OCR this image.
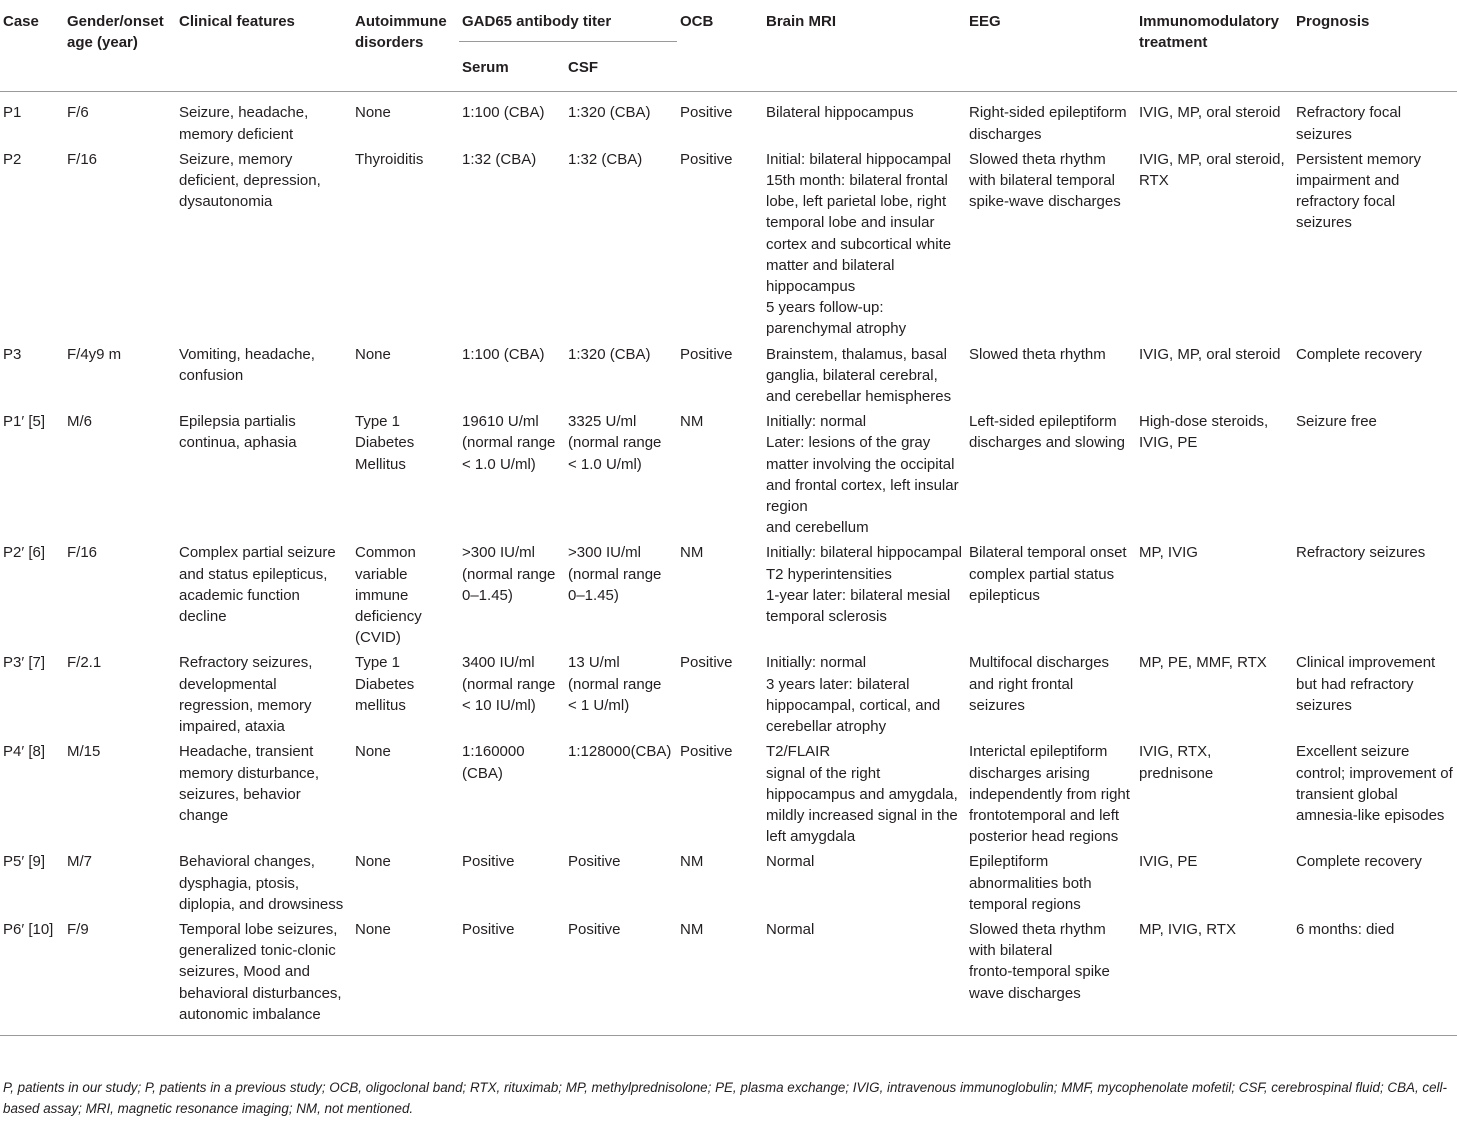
Case	Gender/onset age (year)	Clinical features	Autoimmune disorders	GAD65 antibody titer		OCB	Brain MRI	EEG	Immunomodulatory treatment	Prognosis
				Serum	CSF					
P1	F/6	Seizure, headache, memory deficient	None	1:100 (CBA)	1:320 (CBA)	Positive	Bilateral hippocampus	Right-sided epileptiform discharges	IVIG, MP, oral steroid	Refractory focal seizures
P2	F/16	Seizure, memory deficient, depression, dysautonomia	Thyroiditis	1:32 (CBA)	1:32 (CBA)	Positive	Initial: bilateral hippocampal
15th month: bilateral frontal lobe, left parietal lobe, right temporal lobe and insular cortex and subcortical white matter and bilateral hippocampus
5 years follow-up: parenchymal atrophy	Slowed theta rhythm with bilateral temporal spike-wave discharges	IVIG, MP, oral steroid, RTX	Persistent memory impairment and refractory focal seizures
P3	F/4y9 m	Vomiting, headache, confusion	None	1:100 (CBA)	1:320 (CBA)	Positive	Brainstem, thalamus, basal ganglia, bilateral cerebral, and cerebellar hemispheres	Slowed theta rhythm	IVIG, MP, oral steroid	Complete recovery
P1′ [5]	M/6	Epilepsia partialis continua, aphasia	Type 1 Diabetes Mellitus	19610 U/ml (normal range < 1.0 U/ml)	3325 U/ml (normal range < 1.0 U/ml)	NM	Initially: normal
Later: lesions of the gray matter involving the occipital and frontal cortex, left insular region
and cerebellum	Left-sided epileptiform discharges and slowing	High-dose steroids, IVIG, PE	Seizure free
P2′ [6]	F/16	Complex partial seizure and status epilepticus, academic function decline	Common variable immune deficiency (CVID)	>300 IU/ml (normal range 0–1.45)	>300 IU/ml (normal range 0–1.45)	NM	Initially: bilateral hippocampal
T2 hyperintensities
1-year later: bilateral mesial temporal sclerosis	Bilateral temporal onset complex partial status epilepticus	MP, IVIG	Refractory seizures
P3′ [7]	F/2.1	Refractory seizures, developmental regression, memory impaired, ataxia	Type 1 Diabetes mellitus	3400 IU/ml (normal range < 10 IU/ml)	13 U/ml (normal range < 1 U/ml)	Positive	Initially: normal
3 years later: bilateral hippocampal, cortical, and cerebellar atrophy	Multifocal discharges and right frontal seizures	MP, PE, MMF, RTX	Clinical improvement but had refractory seizures
P4′ [8]	M/15	Headache, transient memory disturbance, seizures, behavior change	None	1:160000 (CBA)	1:128000(CBA)	Positive	T2/FLAIR
signal of the right hippocampus and amygdala, mildly increased signal in the left amygdala	Interictal epileptiform discharges arising independently from right frontotemporal and left posterior head regions	IVIG, RTX, prednisone	Excellent seizure control; improvement of transient global amnesia-like episodes
P5′ [9]	M/7	Behavioral changes, dysphagia, ptosis, diplopia, and drowsiness	None	Positive	Positive	NM	Normal	Epileptiform abnormalities both temporal regions	IVIG, PE	Complete recovery
P6′ [10]	F/9	Temporal lobe seizures, generalized tonic-clonic seizures, Mood and behavioral disturbances, autonomic imbalance	None	Positive	Positive	NM	Normal	Slowed theta rhythm with bilateral
fronto-temporal spike wave discharges	MP, IVIG, RTX	6 months: died
P, patients in our study; P, patients in a previous study; OCB, oligoclonal band; RTX, rituximab; MP, methylprednisolone; PE, plasma exchange; IVIG, intravenous immunoglobulin; MMF, mycophenolate mofetil; CSF, cerebrospinal fluid; CBA, cell-based assay; MRI, magnetic resonance imaging; NM, not mentioned.
